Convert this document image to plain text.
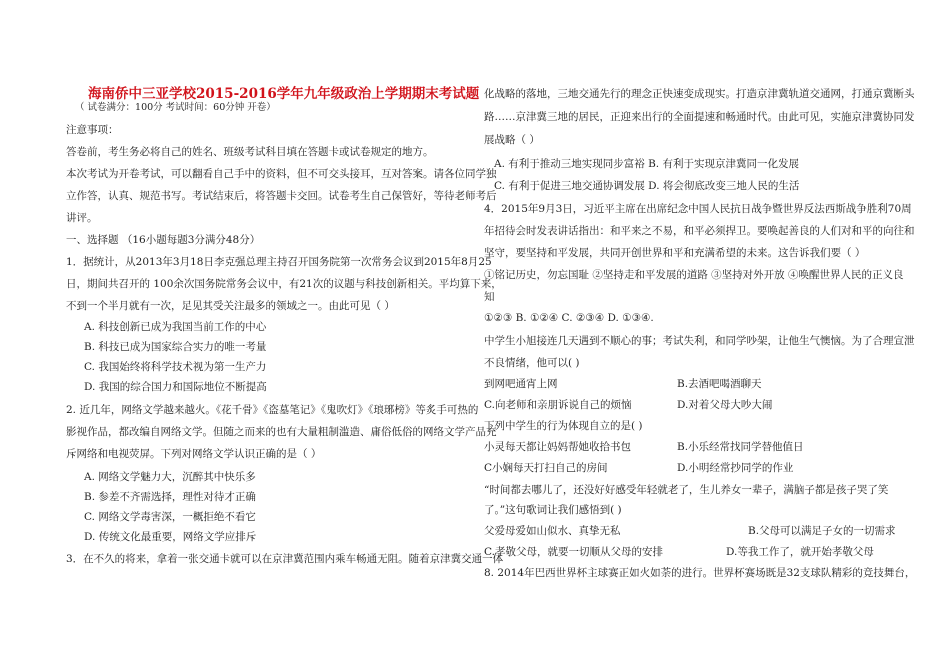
海南侨中三亚学校2015-2016学年九年级政治上学期期末考试题
（ 试卷满分：100分 考试时间：60分钟 开卷）
注意事项：
答卷前，考生务必将自己的姓名、班级考试科目填在答题卡或试卷规定的地方。
本次考试为开卷考试，可以翻看自己手中的资料，但不可交头接耳，互对答案。请各位同学独
立作答，认真、规范书写。考试结束后，将答题卡交回。试卷考生自己保管好，等待老师考后
讲评。
一、选择题 （16小题每题3分满分48分）
1．据统计，从2013年3月18日李克强总理主持召开国务院第一次常务会议到2015年8月25
日，期间共召开的 100余次国务院常务会议中，有21次的议题与科技创新相关。平均算下来，
不到一个半月就有一次，足见其受关注最多的领域之一。由此可见（ ）
A. 科技创新已成为我国当前工作的中心
B. 科技已成为国家综合实力的唯一考量
C. 我国始终将科学技术视为第一生产力
D. 我国的综合国力和国际地位不断提高
2. 近几年，网络文学越来越火。《花千骨》《盗墓笔记》《鬼吹灯》《琅琊榜》等炙手可热的
影视作品，都改编自网络文学。但随之而来的也有大量粗制滥造、庸俗低俗的网络文学产品充
斥网络和电视荧屏。下列对网络文学认识正确的是（ ）
A. 网络文学魅力大，沉醉其中快乐多
B. 参差不齐需选择，理性对待才正确
C. 网络文学毒害深，一概拒绝不看它
D. 传统文化最重要，网络文学应排斥
3．在不久的将来，拿着一张交通卡就可以在京津冀范围内乘车畅通无阻。随着京津冀交通一体
化战略的落地，三地交通先行的理念正快速变成现实。打造京津冀轨道交通网，打通京冀断头
路……京津冀三地的居民，正迎来出行的全面提速和畅通时代。由此可见，实施京津冀协同发
展战略（ ）
A. 有利于推动三地实现同步富裕 B. 有利于实现京津冀同一化发展
C. 有利于促进三地交通协调发展 D. 将会彻底改变三地人民的生活
4．2015年9月3日，习近平主席在出席纪念中国人民抗日战争暨世界反法西斯战争胜利70周
年招待会时发表讲话指出：和平来之不易，和平必须捍卫。要唤起善良的人们对和平的向往和
坚守，要坚持和平发展，共同开创世界和平和充满希望的未来。这告诉我们要（ ）
①铭记历史，勿忘国耻 ②坚持走和平发展的道路 ③坚持对外开放 ④唤醒世界人民的正义良
知
①②③ B. ①②④ C. ②③④ D. ①③④.
中学生小旭接连几天遇到不顺心的事；考试失利，和同学吵架，让他生气懊恼。为了合理宣泄
不良情绪，他可以( )
到网吧通宵上网	B.去酒吧喝酒聊天
C.向老师和亲朋诉说自己的烦恼	D.对着父母大吵大闹
下列中学生的行为体现自立的是( )
小灵每天都让妈妈帮她收拾书包	B.小乐经常找同学替他值日
C小娴每天打扫自己的房间	D.小明经常抄同学的作业
“时间都去哪儿了，还没好好感受年轻就老了，生儿养女一辈子，满脑子都是孩子哭了笑
了。”这句歌词让我们感悟到( )
父爱母爱如山似水、真挚无私	B.父母可以满足子女的一切需求
C.孝敬父母，就要一切顺从父母的安排	D.等我工作了，就开始孝敬父母
8. 2014年巴西世界杯主球赛正如火如荼的进行。世界杯赛场既是32支球队精彩的竞技舞台，
